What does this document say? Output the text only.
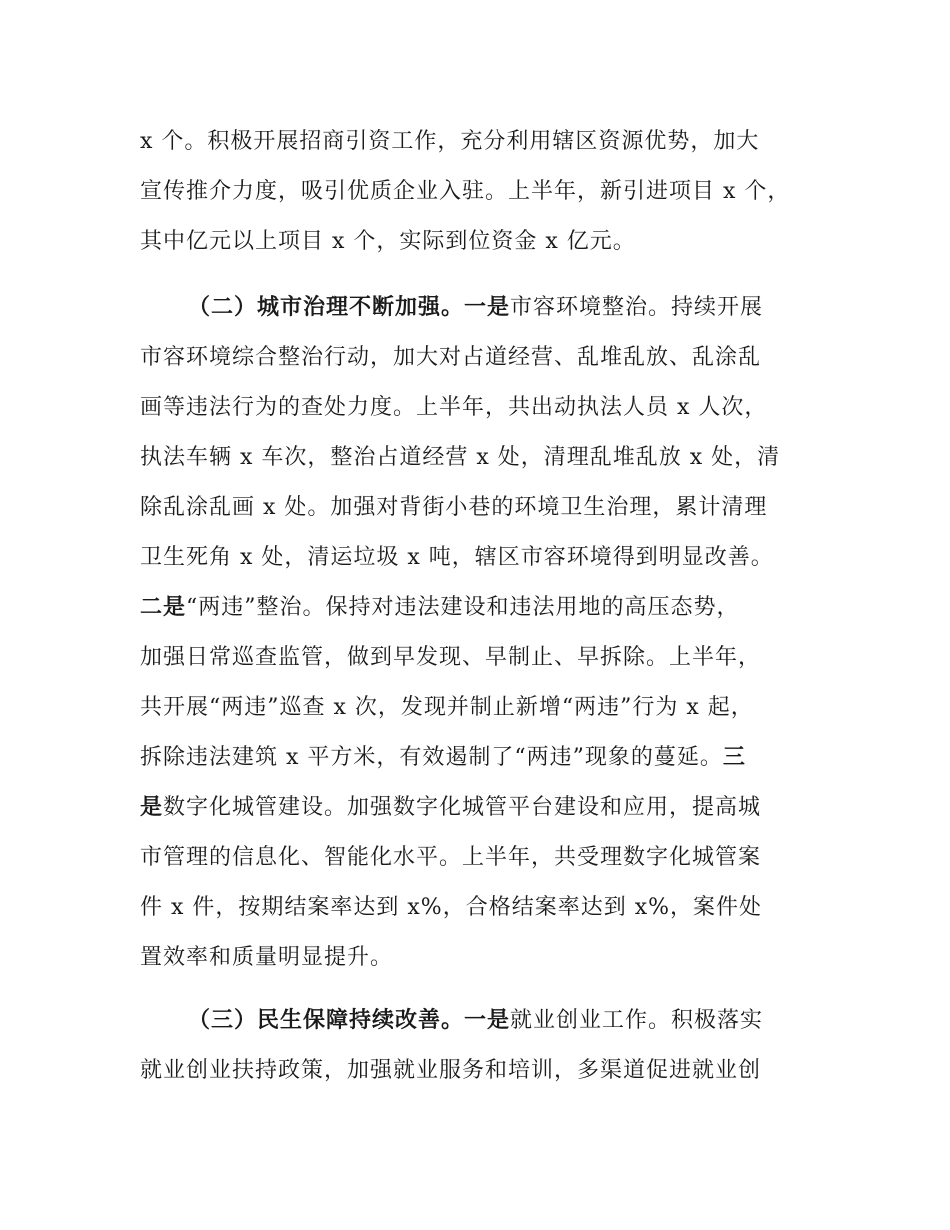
x 个。积极开展招商引资工作，充分利用辖区资源优势，加大
宣传推介力度，吸引优质企业入驻。上半年，新引进项目 x 个，
其中亿元以上项目 x 个，实际到位资金 x 亿元。
（二）城市治理不断加强。一是市容环境整治。持续开展
市容环境综合整治行动，加大对占道经营、乱堆乱放、乱涂乱
画等违法行为的查处力度。上半年，共出动执法人员 x 人次，
执法车辆 x 车次，整治占道经营 x 处，清理乱堆乱放 x 处，清
除乱涂乱画 x 处。加强对背街小巷的环境卫生治理，累计清理
卫生死角 x 处，清运垃圾 x 吨，辖区市容环境得到明显改善。
二是“两违”整治。保持对违法建设和违法用地的高压态势，
加强日常巡查监管，做到早发现、早制止、早拆除。上半年，
共开展“两违”巡查 x 次，发现并制止新增“两违”行为 x 起，
拆除违法建筑 x 平方米，有效遏制了“两违”现象的蔓延。三
是数字化城管建设。加强数字化城管平台建设和应用，提高城
市管理的信息化、智能化水平。上半年，共受理数字化城管案
件 x 件，按期结案率达到 x%，合格结案率达到 x%，案件处
置效率和质量明显提升。
（三）民生保障持续改善。一是就业创业工作。积极落实
就业创业扶持政策，加强就业服务和培训，多渠道促进就业创
